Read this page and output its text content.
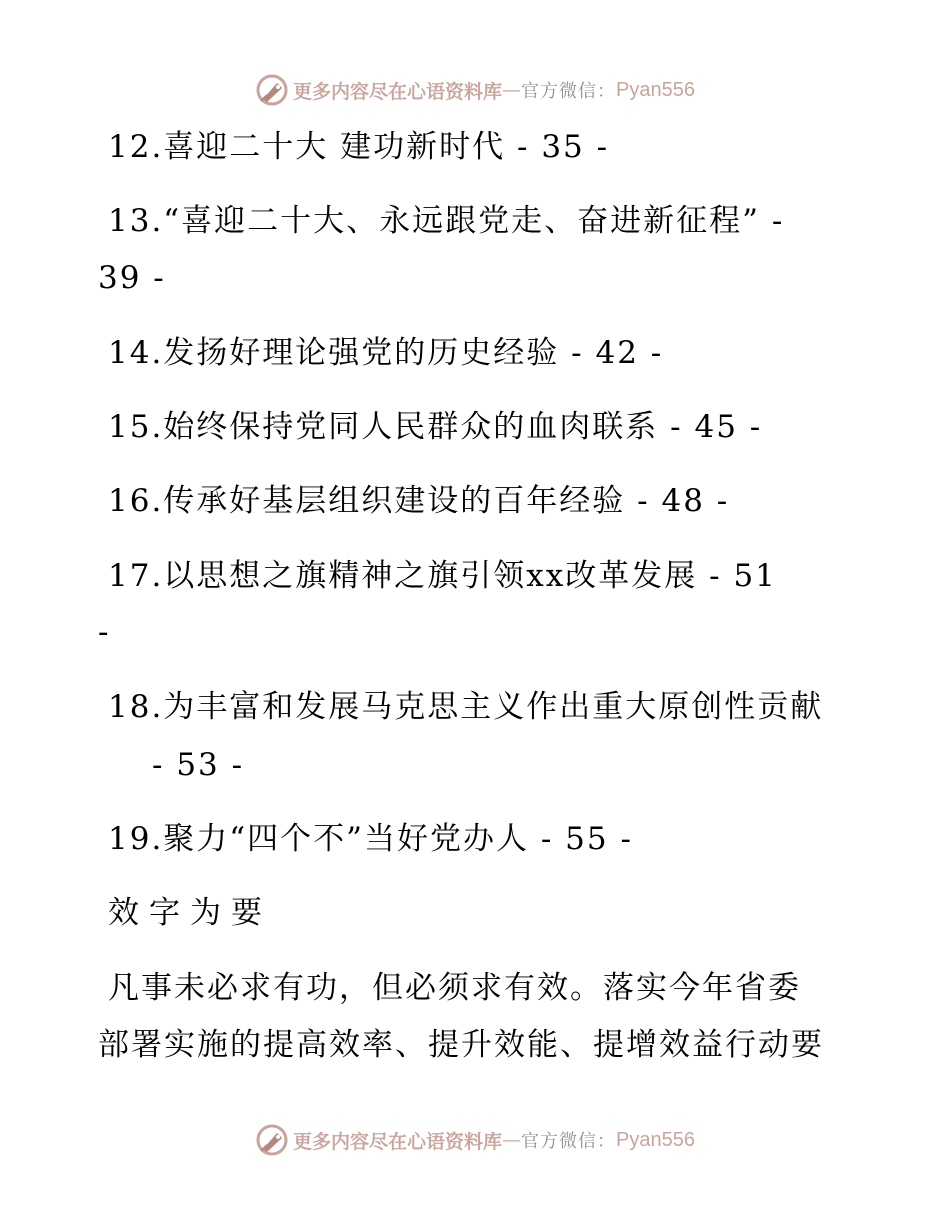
更多内容尽在心语资料库 — 官方微信： Pyan556
12.喜迎二十大 建功新时代 - 35 -
13.“喜迎二十大、永远跟党走、奋进新征程” -
39 -
14.发扬好理论强党的历史经验 - 42 -
15.始终保持党同人民群众的血肉联系 - 45 -
16.传承好基层组织建设的百年经验 - 48 -
17.以思想之旗精神之旗引领xx改革发展 - 51
-
18.为丰富和发展马克思主义作出重大原创性贡献
- 53 -
19.聚力“四个不”当好党办人 - 55 -
效字为要
凡事未必求有功，但必须求有效。落实今年省委
部署实施的提高效率、提升效能、提增效益行动要
更多内容尽在心语资料库 — 官方微信： Pyan556
